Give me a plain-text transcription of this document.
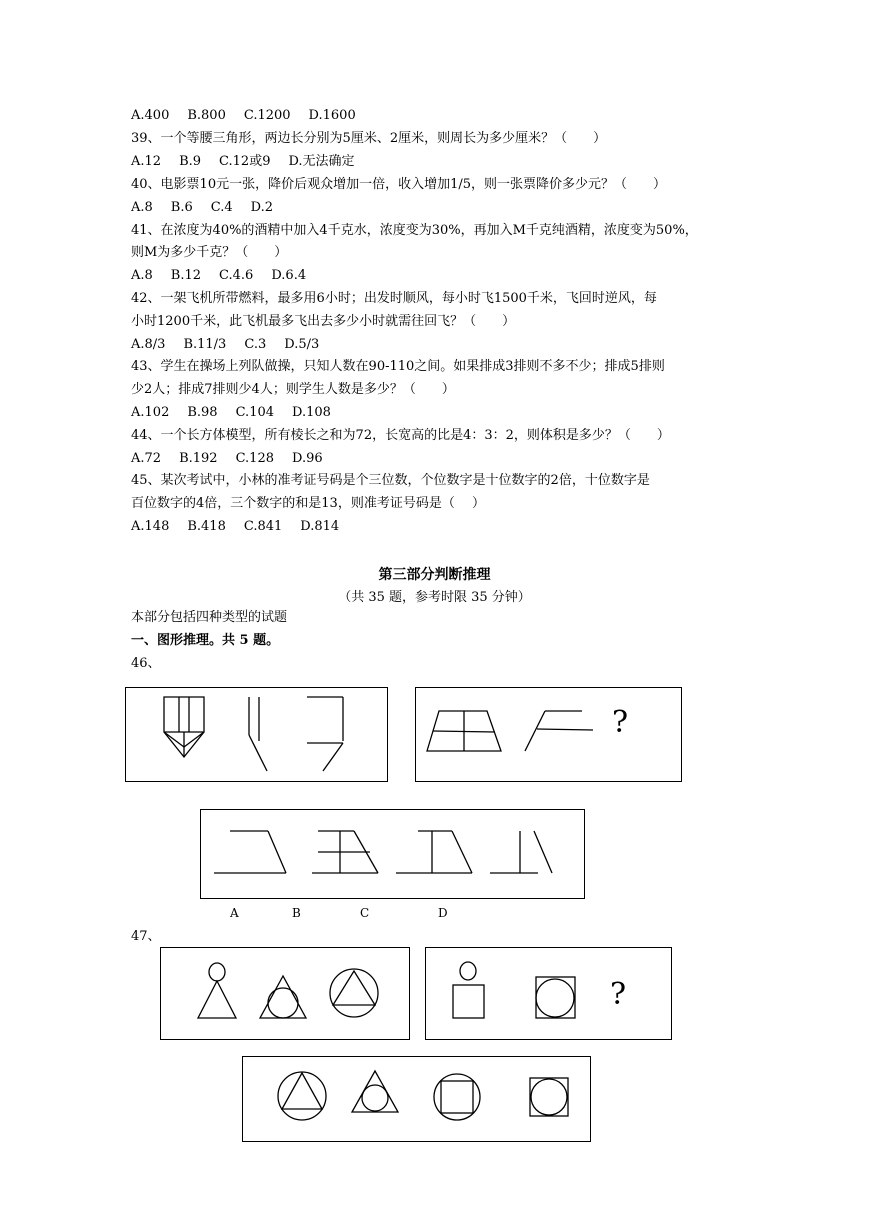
A.400 B.800 C.1200 D.1600
39、一个等腰三角形，两边长分别为5厘米、2厘米，则周长为多少厘米？（　　）
A.12 B.9 C.12或9 D.无法确定
40、电影票10元一张，降价后观众增加一倍，收入增加1/5，则一张票降价多少元？（　　）
A.8 B.6 C.4 D.2
41、在浓度为40%的酒精中加入4千克水，浓度变为30%，再加入M千克纯酒精，浓度变为50%，
则M为多少千克？（　　）
A.8 B.12 C.4.6 D.6.4
42、一架飞机所带燃料，最多用6小时；出发时顺风，每小时飞1500千米，飞回时逆风，每
小时1200千米，此飞机最多飞出去多少小时就需往回飞？（　　）
A.8/3 B.11/3 C.3 D.5/3
43、学生在操场上列队做操，只知人数在90-110之间。如果排成3排则不多不少；排成5排则
少2人；排成7排则少4人；则学生人数是多少？（　　）
A.102 B.98 C.104 D.108
44、一个长方体模型，所有棱长之和为72，长宽高的比是4：3：2，则体积是多少？（　　）
A.72 B.192 C.128 D.96
45、某次考试中，小林的准考证号码是个三位数，个位数字是十位数字的2倍，十位数字是
百位数字的4倍，三个数字的和是13，则准考证号码是（　 ）
A.148 B.418 C.841 D.814
第三部分判断推理
（共 35 题，参考时限 35 分钟）
本部分包括四种类型的试题
一、图形推理。共 5 题。
46、
?
A	B	C	D
47、
?
